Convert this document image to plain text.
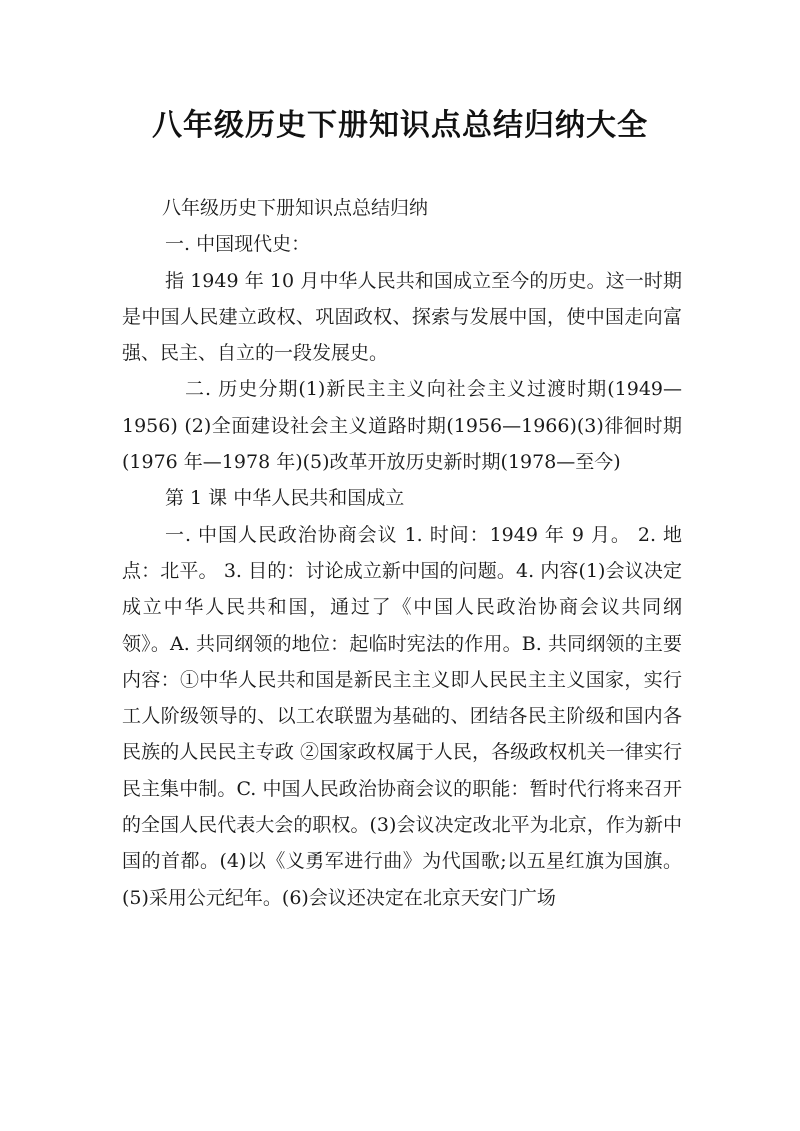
八年级历史下册知识点总结归纳大全

八年级历史下册知识点总结归纳

一. 中国现代史：

指 1949 年 10 月中华人民共和国成立至今的历史。这一时期是中国人民建立政权、巩固政权、探索与发展中国，使中国走向富强、民主、自立的一段发展史。

二. 历史分期(1)新民主主义向社会主义过渡时期(1949—1956) (2)全面建设社会主义道路时期(1956—1966)(3)徘徊时期(1976 年—1978 年)(5)改革开放历史新时期(1978—至今)

第 1 课 中华人民共和国成立

一. 中国人民政治协商会议 1. 时间：1949 年 9 月。 2. 地点：北平。 3. 目的：讨论成立新中国的问题。4. 内容(1)会议决定成立中华人民共和国，通过了《中国人民政治协商会议共同纲领》。A. 共同纲领的地位：起临时宪法的作用。B. 共同纲领的主要内容：①中华人民共和国是新民主主义即人民民主主义国家，实行工人阶级领导的、以工农联盟为基础的、团结各民主阶级和国内各民族的人民民主专政 ②国家政权属于人民，各级政权机关一律实行民主集中制。C. 中国人民政治协商会议的职能：暂时代行将来召开的全国人民代表大会的职权。(3)会议决定改北平为北京，作为新中国的首都。(4)以《义勇军进行曲》为代国歌;以五星红旗为国旗。 (5)采用公元纪年。(6)会议还决定在北京天安门广场
